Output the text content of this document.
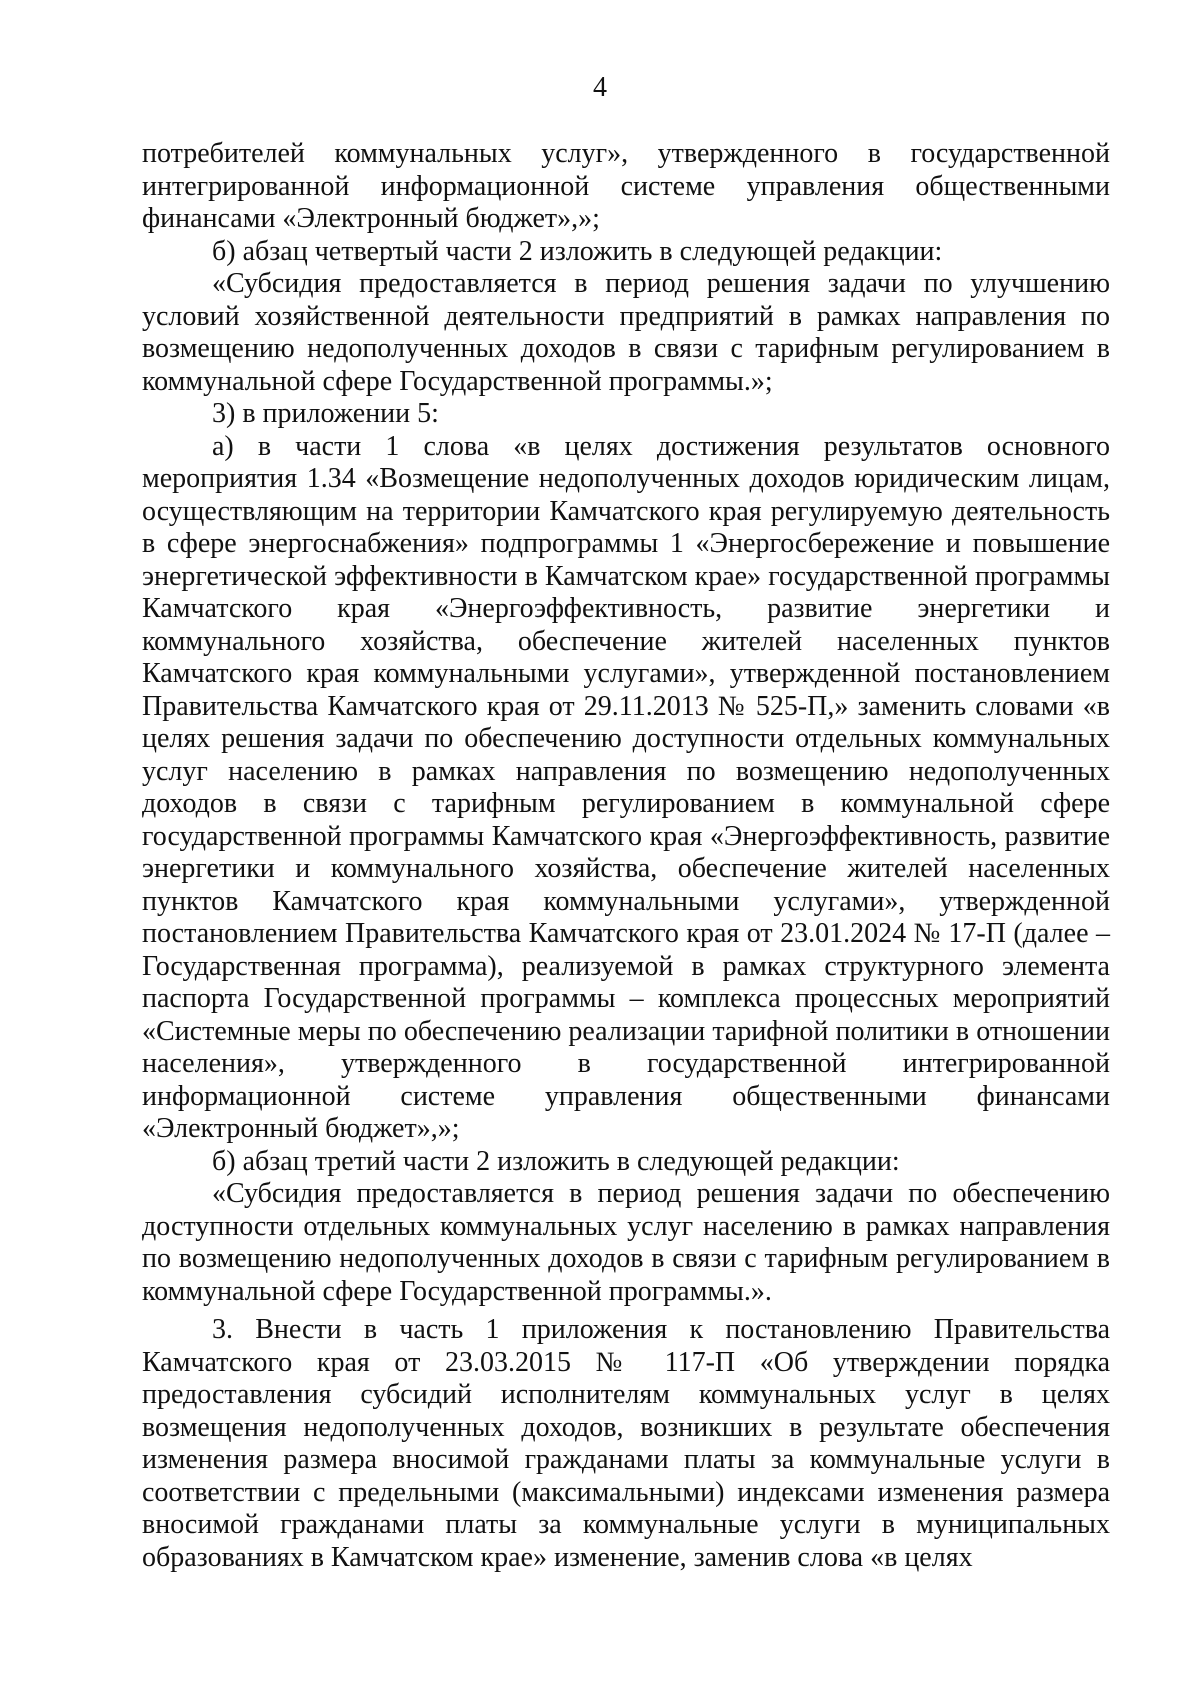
4

потребителей коммунальных услуг», утвержденного в государственной интегрированной информационной системе управления общественными финансами «Электронный бюджет»,»;

б) абзац четвертый части 2 изложить в следующей редакции:

«Субсидия предоставляется в период решения задачи по улучшению условий хозяйственной деятельности предприятий в рамках направления по возмещению недополученных доходов в связи с тарифным регулированием в коммунальной сфере Государственной программы.»;

3) в приложении 5:

а) в части 1 слова «в целях достижения результатов основного мероприятия 1.34 «Возмещение недополученных доходов юридическим лицам, осуществляющим на территории Камчатского края регулируемую деятельность в сфере энергоснабжения» подпрограммы 1 «Энергосбережение и повышение энергетической эффективности в Камчатском крае» государственной программы Камчатского края «Энергоэффективность, развитие энергетики и коммунального хозяйства, обеспечение жителей населенных пунктов Камчатского края коммунальными услугами», утвержденной постановлением Правительства Камчатского края от 29.11.2013 № 525-П,» заменить словами «в целях решения задачи по обеспечению доступности отдельных коммунальных услуг населению в рамках направления по возмещению недополученных доходов в связи с тарифным регулированием в коммунальной сфере государственной программы Камчатского края «Энергоэффективность, развитие энергетики и коммунального хозяйства, обеспечение жителей населенных пунктов Камчатского края коммунальными услугами», утвержденной постановлением Правительства Камчатского края от 23.01.2024 № 17-П (далее – Государственная программа), реализуемой в рамках структурного элемента паспорта Государственной программы – комплекса процессных мероприятий «Системные меры по обеспечению реализации тарифной политики в отношении населения», утвержденного в государственной интегрированной информационной системе управления общественными финансами «Электронный бюджет»,»;

б) абзац третий части 2 изложить в следующей редакции:

«Субсидия предоставляется в период решения задачи по обеспечению доступности отдельных коммунальных услуг населению в рамках направления по возмещению недополученных доходов в связи с тарифным регулированием в коммунальной сфере Государственной программы.».

3. Внести в часть 1 приложения к постановлению Правительства Камчатского края от 23.03.2015 № 117-П «Об утверждении порядка предоставления субсидий исполнителям коммунальных услуг в целях возмещения недополученных доходов, возникших в результате обеспечения изменения размера вносимой гражданами платы за коммунальные услуги в соответствии с предельными (максимальными) индексами изменения размера вносимой гражданами платы за коммунальные услуги в муниципальных образованиях в Камчатском крае» изменение, заменив слова «в целях
